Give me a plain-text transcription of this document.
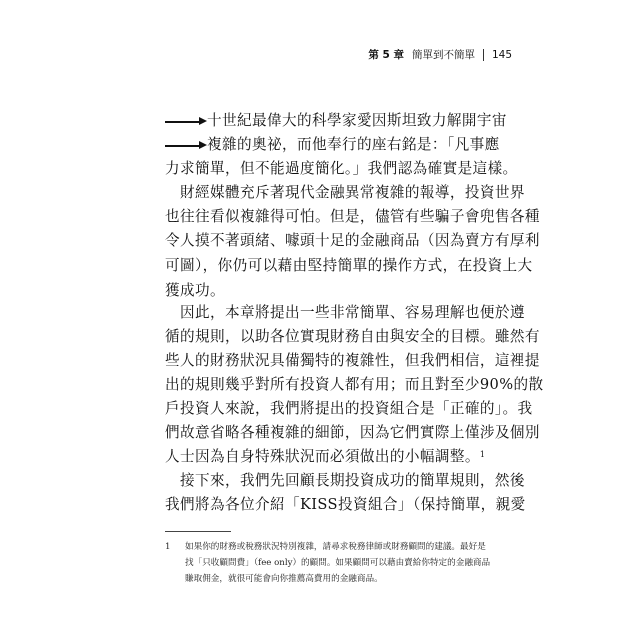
第 5 章 簡單到不簡單 145
十世紀最偉大的科學家愛因斯坦致力解開宇宙
複雜的奧祕，而他奉行的座右銘是：「凡事應
力求簡單，但不能過度簡化。」我們認為確實是這樣。
財經媒體充斥著現代金融異常複雜的報導，投資世界
也往往看似複雜得可怕。但是，儘管有些騙子會兜售各種
令人摸不著頭緒、噱頭十足的金融商品（因為賣方有厚利
可圖），你仍可以藉由堅持簡單的操作方式，在投資上大
獲成功。
因此，本章將提出一些非常簡單、容易理解也便於遵
循的規則，以助各位實現財務自由與安全的目標。雖然有
些人的財務狀況具備獨特的複雜性，但我們相信，這裡提
出的規則幾乎對所有投資人都有用；而且對至少90%的散
戶投資人來說，我們將提出的投資組合是「正確的」。我
們故意省略各種複雜的細節，因為它們實際上僅涉及個別
人士因為自身特殊狀況而必須做出的小幅調整。$^1$
接下來，我們先回顧長期投資成功的簡單規則，然後
我們將為各位介紹「KISS投資組合」（保持簡單，親愛
1 如果你的財務或稅務狀況特別複雜，請尋求稅務律師或財務顧問的建議。最好是
找「只收顧問費」（fee only）的顧問。如果顧問可以藉由賣給你特定的金融商品
賺取佣金，就很可能會向你推薦高費用的金融商品。
